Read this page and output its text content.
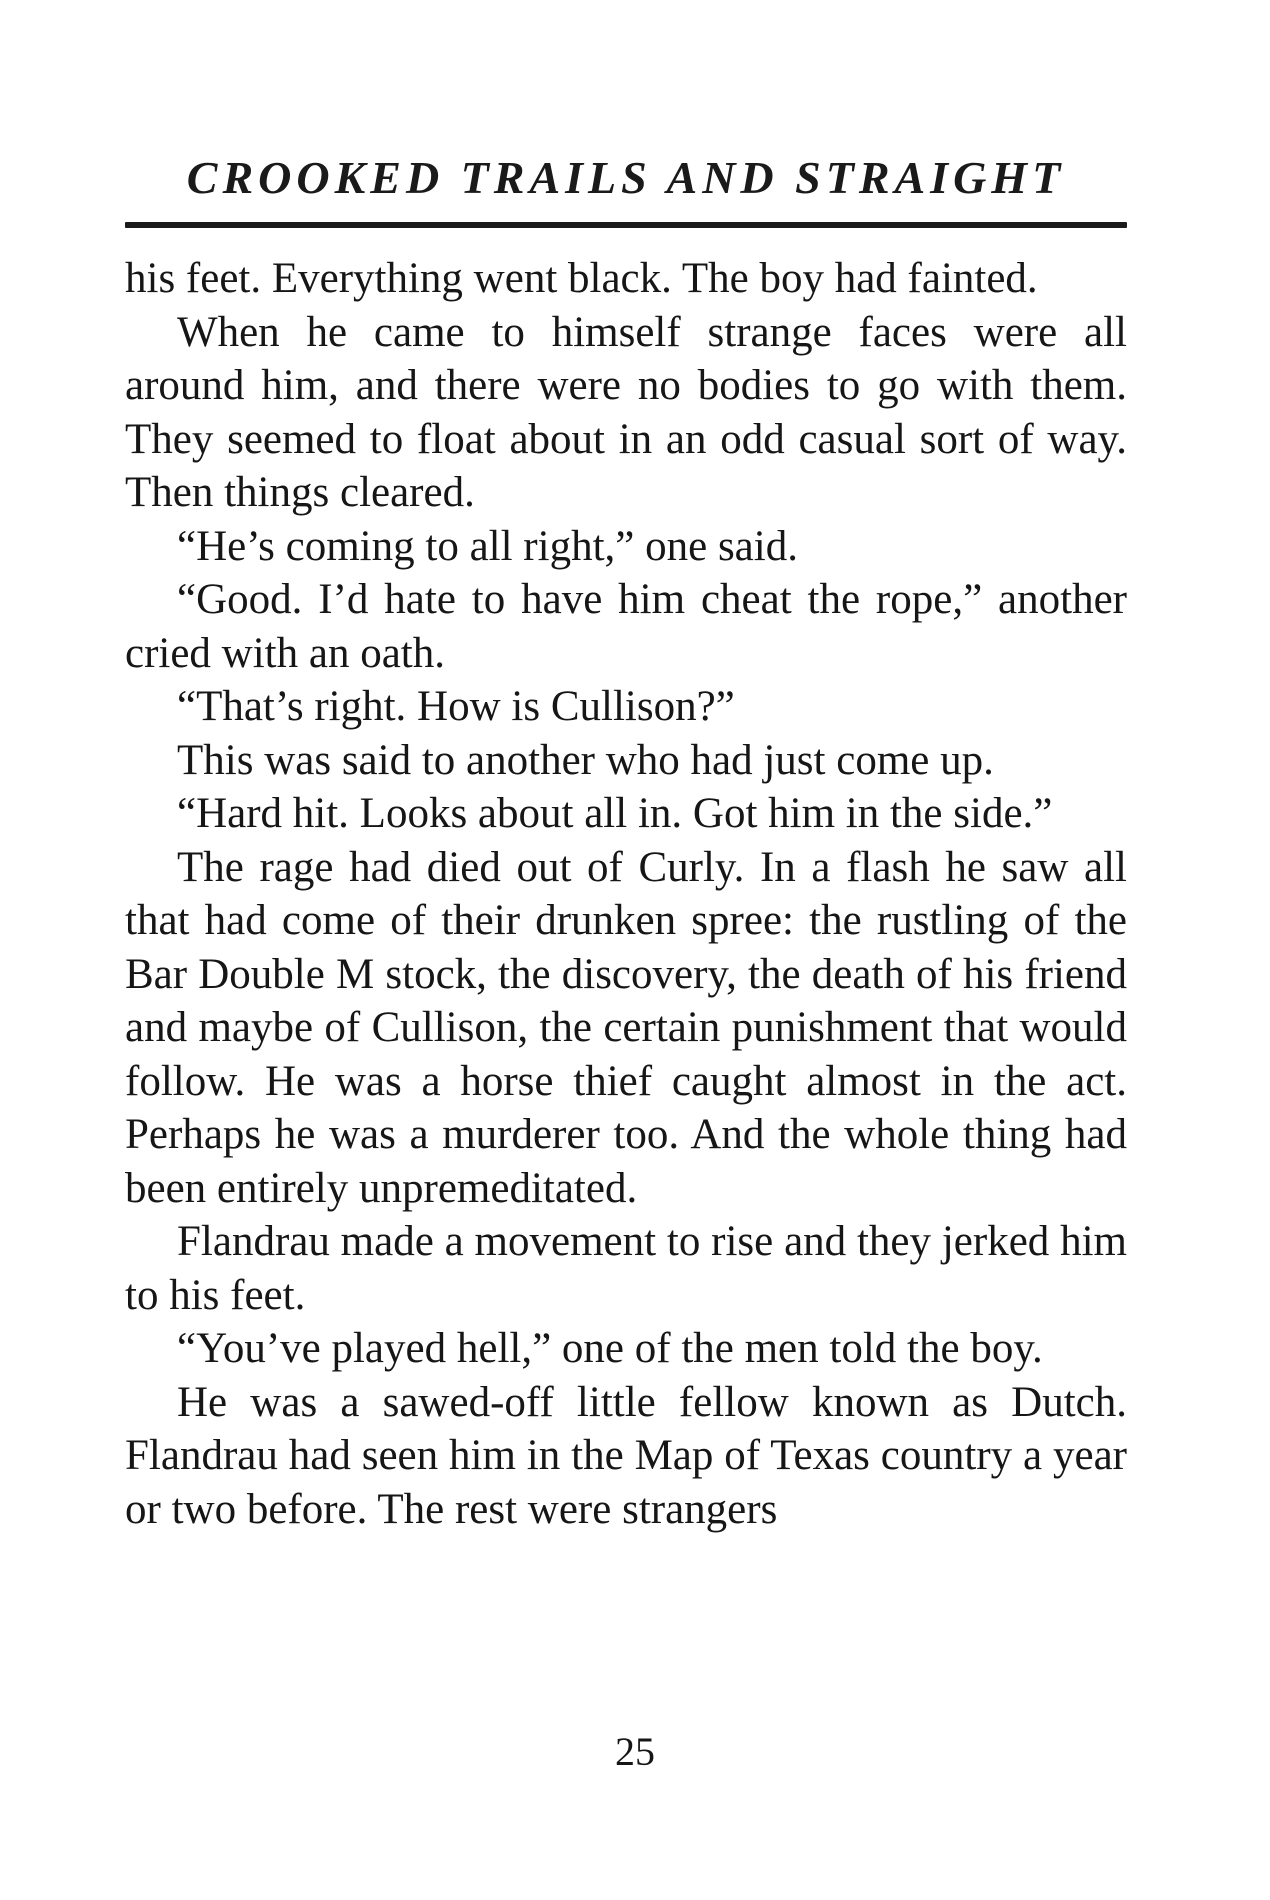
CROOKED TRAILS AND STRAIGHT

his feet. Everything went black. The boy had fainted.

When he came to himself strange faces were all around him, and there were no bodies to go with them. They seemed to float about in an odd casual sort of way. Then things cleared.

“He’s coming to all right,” one said.

“Good. I’d hate to have him cheat the rope,” another cried with an oath.

“That’s right. How is Cullison?”

This was said to another who had just come up.

“Hard hit. Looks about all in. Got him in the side.”

The rage had died out of Curly. In a flash he saw all that had come of their drunken spree: the rustling of the Bar Double M stock, the discovery, the death of his friend and maybe of Cullison, the certain punishment that would follow. He was a horse thief caught almost in the act. Perhaps he was a murderer too. And the whole thing had been entirely unpremeditated.

Flandrau made a movement to rise and they jerked him to his feet.

“You’ve played hell,” one of the men told the boy.

He was a sawed-off little fellow known as Dutch. Flandrau had seen him in the Map of Texas country a year or two before. The rest were strangers

25
